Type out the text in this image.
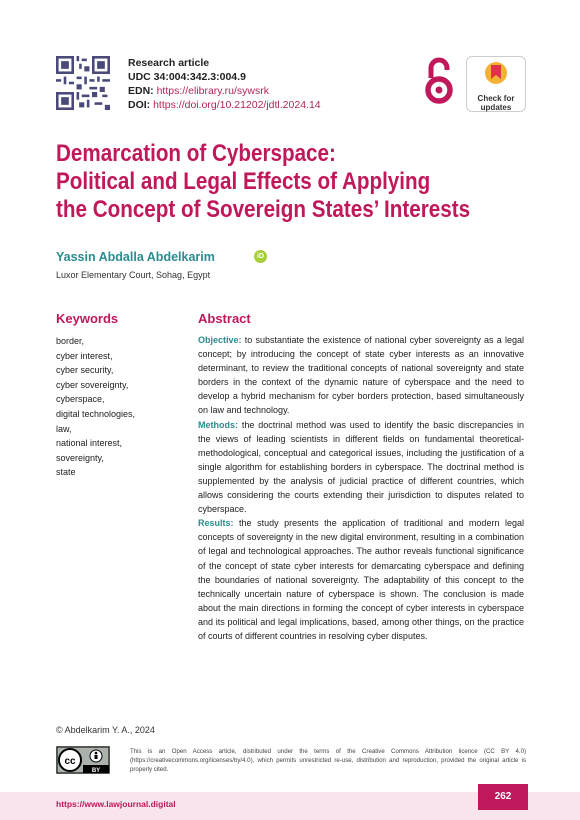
Research article
UDC 34:004:342.3:004.9
EDN: https://elibrary.ru/sywsrk
DOI: https://doi.org/10.21202/jdtl.2024.14
Check for updates
Demarcation of Cyberspace:
Political and Legal Effects of Applying
the Concept of Sovereign States’ Interests
Yassin Abdalla Abdelkarim	iD
Luxor Elementary Court, Sohag, Egypt
Keywords	Abstract
border,
cyber interest,
cyber security,
cyber sovereignty,
cyberspace,
digital technologies,
law,
national interest,
sovereignty,
state

Objective: to substantiate the existence of national cyber sovereignty as a legal concept; by introducing the concept of state cyber interests as an innovative determinant, to review the traditional concepts of national sovereignty and state borders in the context of the dynamic nature of cyberspace and the need to develop a hybrid mechanism for cyber borders protection, based simultaneously on law and technology.

Methods: the doctrinal method was used to identify the basic discrepancies in the views of leading scientists in different fields on fundamental theoretical-methodological, conceptual and categorical issues, including the justification of a single algorithm for establishing borders in cyberspace. The doctrinal method is supplemented by the analysis of judicial practice of different countries, which allows considering the courts extending their jurisdiction to disputes related to cyberspace.

Results: the study presents the application of traditional and modern legal concepts of sovereignty in the new digital environment, resulting in a combination of legal and technological approaches. The author reveals functional significance of the concept of state cyber interests for demarcating cyberspace and defining the boundaries of national sovereignty. The adaptability of this concept to the technically uncertain nature of cyberspace is shown. The conclusion is made about the main directions in forming the concept of cyber interests in cyberspace and its political and legal implications, based, among other things, on the practice of courts of different countries in resolving cyber disputes.

© Abdelkarim Y. A., 2024
cc
BY
This is an Open Access article, distributed under the terms of the Creative Commons Attribution licence (CC BY 4.0) (https://creativecommons.org/licenses/by/4.0), which permits unrestricted re-use, distribution and reproduction, provided the original article is properly cited.
https://www.lawjournal.digital
262
